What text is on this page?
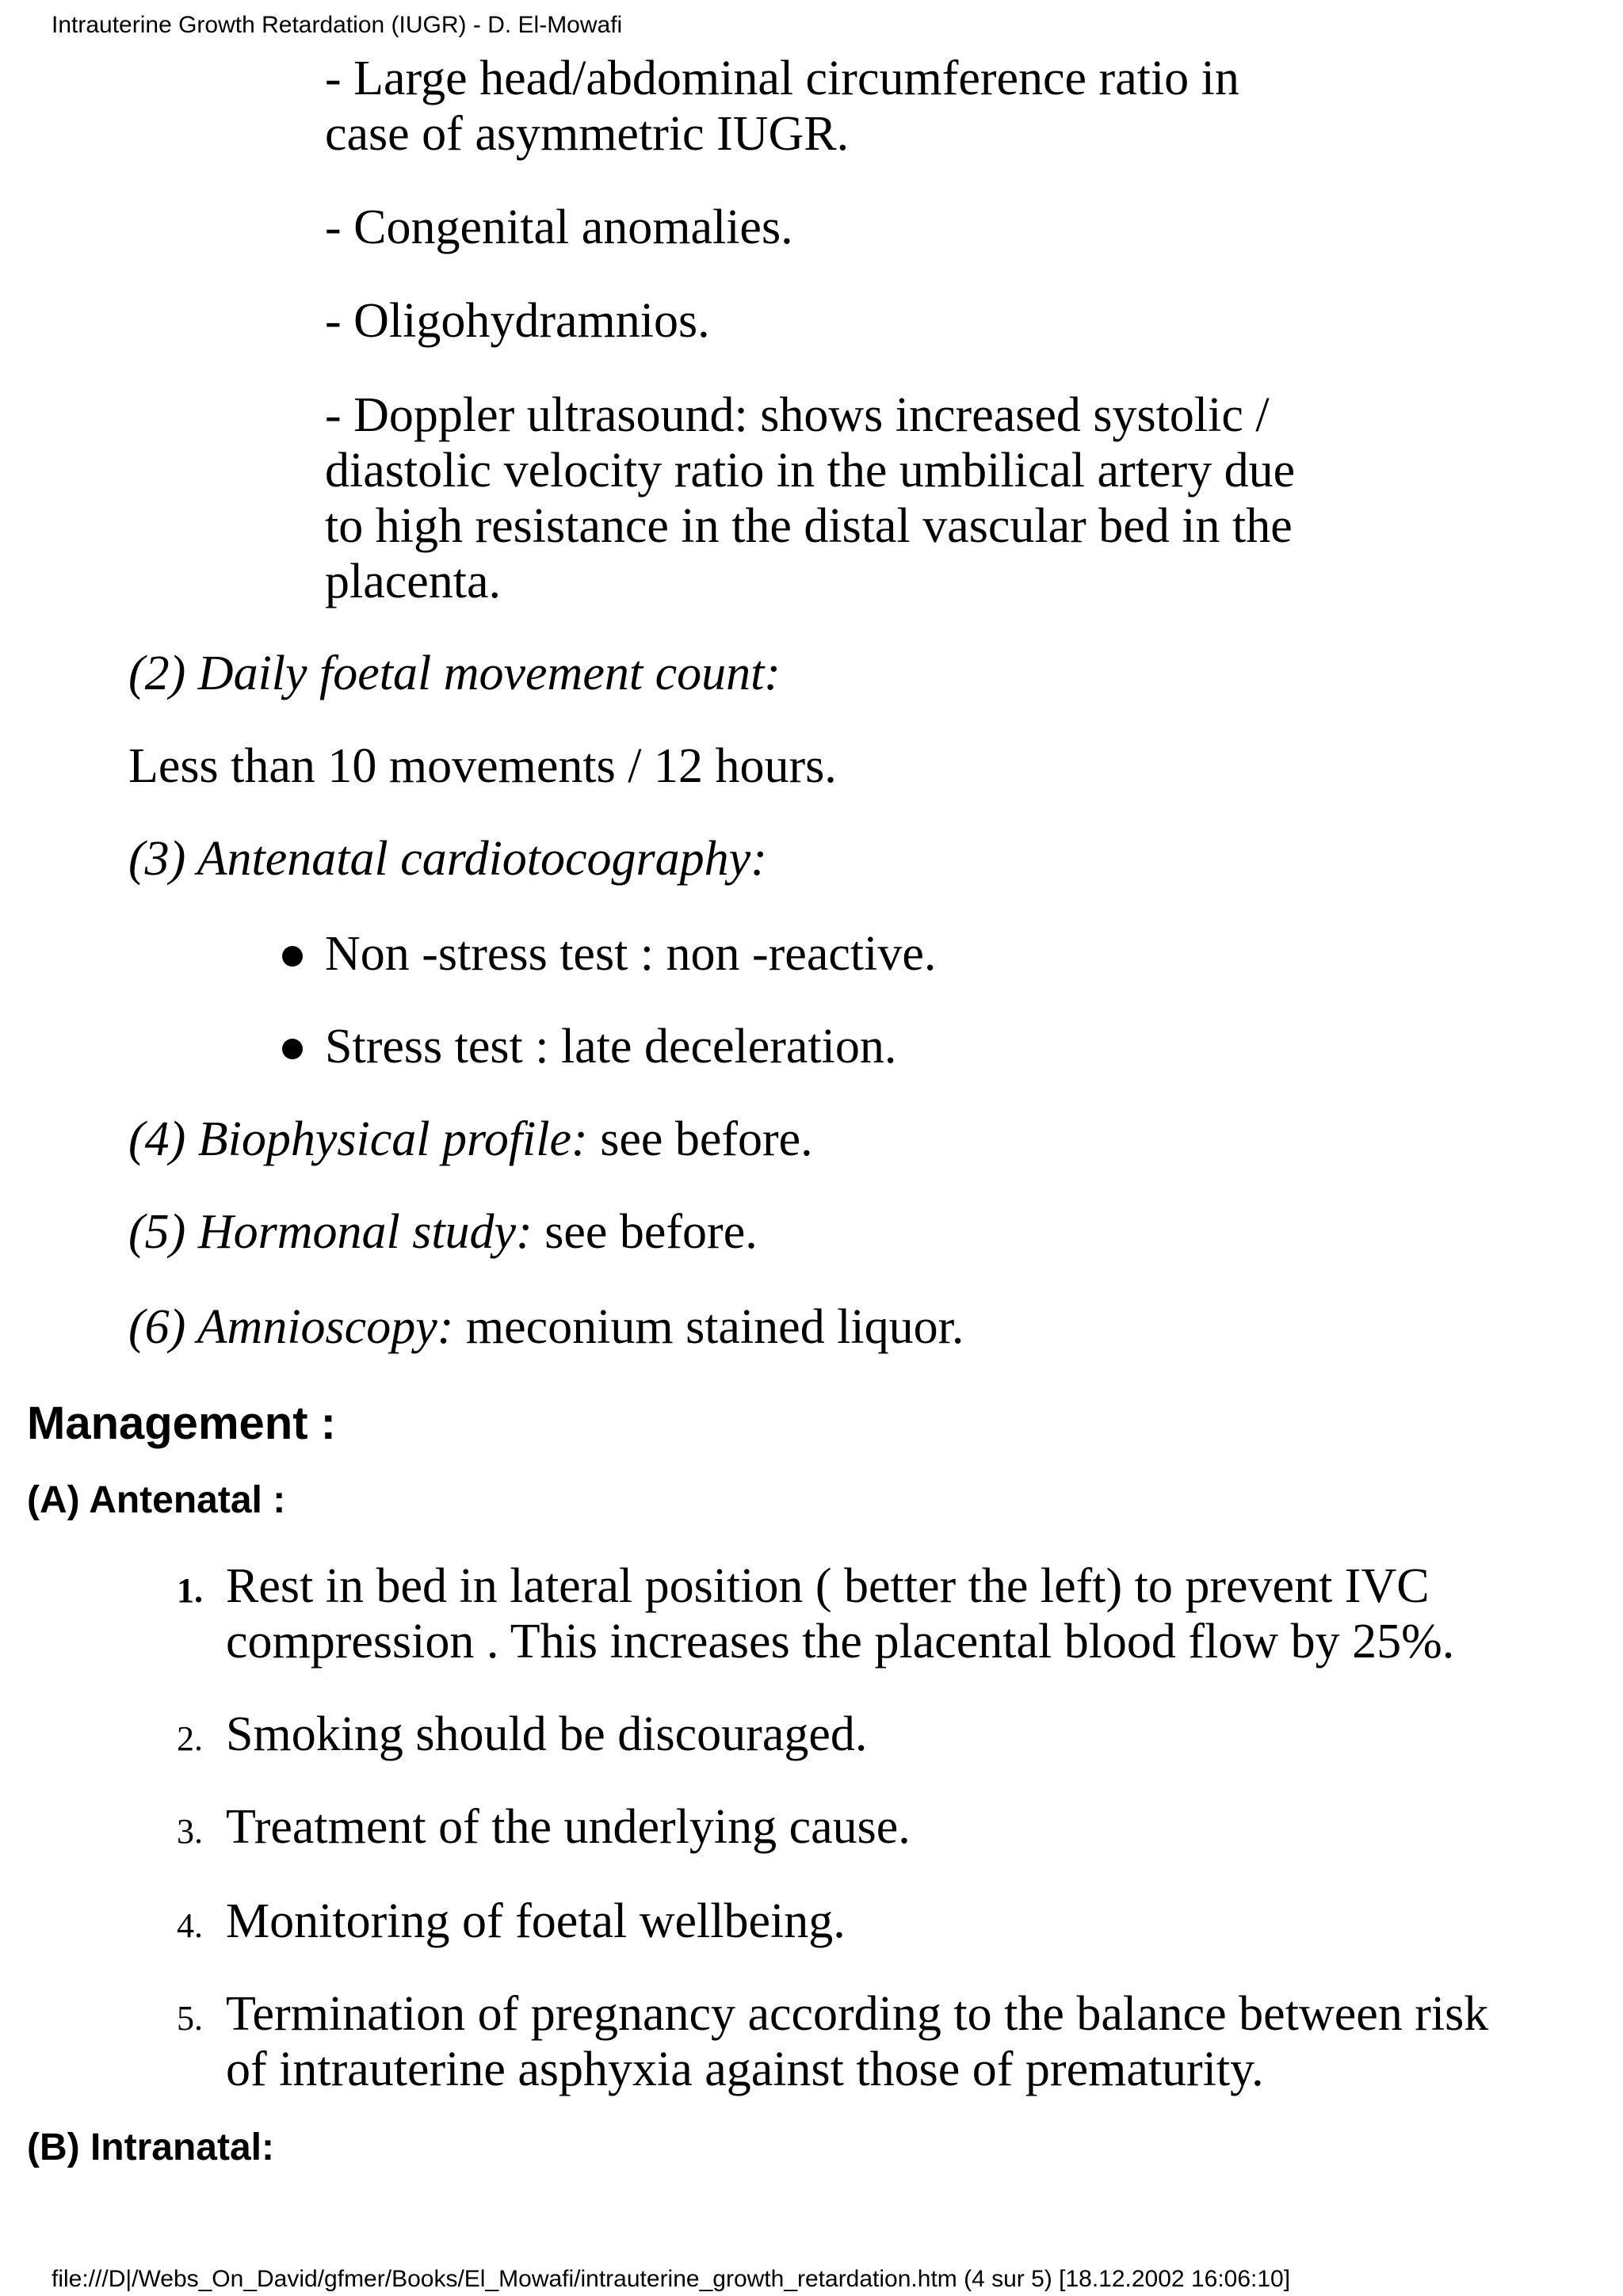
Intrauterine Growth Retardation (IUGR) - D. El-Mowafi
- Large head/abdominal circumference ratio in
case of asymmetric IUGR.
- Congenital anomalies.
- Oligohydramnios.
- Doppler ultrasound: shows increased systolic /
diastolic velocity ratio in the umbilical artery due
to high resistance in the distal vascular bed in the
placenta.
(2) Daily foetal movement count:
Less than 10 movements / 12 hours.
(3) Antenatal cardiotocography:
Non -stress test : non -reactive.
Stress test : late deceleration.
(4) Biophysical profile: see before.
(5) Hormonal study: see before.
(6) Amnioscopy: meconium stained liquor.
Management :
(A) Antenatal :
1. Rest in bed in lateral position ( better the left) to prevent IVC
compression . This increases the placental blood flow by 25%.
2. Smoking should be discouraged.
3. Treatment of the underlying cause.
4. Monitoring of foetal wellbeing.
5. Termination of pregnancy according to the balance between risk
of intrauterine asphyxia against those of prematurity.
(B) Intranatal:
file:///D|/Webs_On_David/gfmer/Books/El_Mowafi/intrauterine_growth_retardation.htm (4 sur 5) [18.12.2002 16:06:10]
